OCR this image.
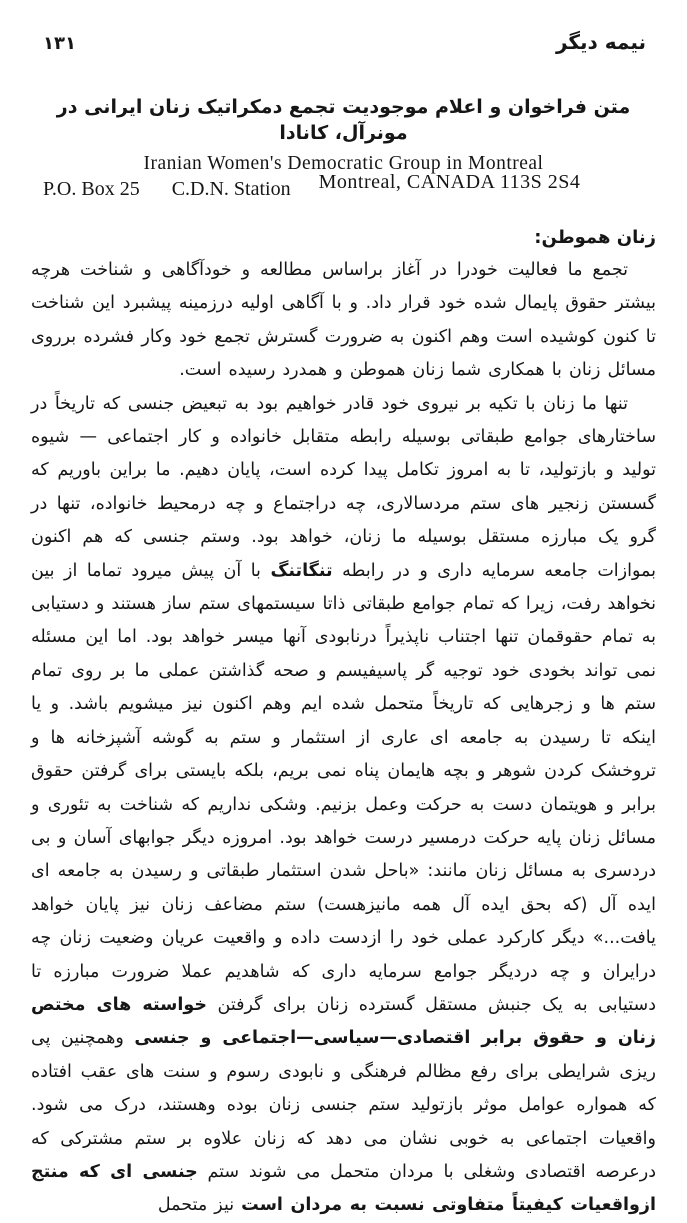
۱۳۱	نیمه دیگر
متن فراخوان و اعلام موجودیت تجمع دمکراتیک زنان ایرانی در مونرآل، کانادا
Iranian Women's Democratic Group in Montreal
P.O. Box 25 C.D.N. Station Montreal, CANADA 113S 2S4
زنان هموطن:

تجمع ما فعالیت خودرا در آغاز براساس مطالعه و خودآگاهی و شناخت هرچه بیشتر حقوق پایمال شده خود قرار داد. و با آگاهی اولیه درزمینه پیشبرد این شناخت تا کنون کوشیده است وهم اکنون به ضرورت گسترش تجمع خود وکار فشرده برروی مسائل زنان با همکاری شما زنان هموطن و همدرد رسیده است.

تنها ما زنان با تکیه بر نیروی خود قادر خواهیم بود به تبعیض جنسی که تاریخاً در ساختارهای جوامع طبقاتی بوسیله رابطه متقابل خانواده و کار اجتماعی — شیوه تولید و بازتولید، تا به امروز تکامل پیدا کرده است، پایان دهیم. ما براین باوریم که گسستن زنجیر های ستم مردسالاری، چه دراجتماع و چه درمحیط خانواده، تنها در گرو یک مبارزه مستقل بوسیله ما زنان، خواهد بود. وستم جنسی که هم اکنون بموازات جامعه سرمایه داری و در رابطه تنگاتنگ با آن پیش میرود تماما از بین نخواهد رفت، زیرا که تمام جوامع طبقاتی ذاتا سیستمهای ستم ساز هستند و دستیابی به تمام حقوقمان تنها اجتناب ناپذیراً درنابودی آنها میسر خواهد بود. اما این مسئله نمی تواند بخودی خود توجیه گر پاسیفیسم و صحه گذاشتن عملی ما بر روی تمام ستم ها و زجرهایی که تاریخاً متحمل شده ایم وهم اکنون نیز میشویم باشد. و یا اینکه تا رسیدن به جامعه ای عاری از استثمار و ستم به گوشه آشپزخانه ها و تروخشک کردن شوهر و بچه هایمان پناه نمی بریم، بلکه بایستی برای گرفتن حقوق برابر و هویتمان دست به حرکت وعمل بزنیم. وشکی نداریم که شناخت به تئوری و مسائل زنان پایه حرکت درمسیر درست خواهد بود. امروزه دیگر جوابهای آسان و بی دردسری به مسائل زنان مانند: «باحل شدن استثمار طبقاتی و رسیدن به جامعه ای ایده آل (که بحق ایده آل همه مانیزهست) ستم مضاعف زنان نیز پایان خواهد یافت...» دیگر کارکرد عملی خود را ازدست داده و واقعیت عریان وضعیت زنان چه درایران و چه دردیگر جوامع سرمایه داری که شاهدیم عملا ضرورت مبارزه تا دستیابی به یک جنبش مستقل گسترده زنان برای گرفتن خواسته های مختص زنان و حقوق برابر اقتصادی—سیاسی—اجتماعی و جنسی وهمچنین پی ریزی شرایطی برای رفع مظالم فرهنگی و نابودی رسوم و سنت های عقب افتاده که همواره عوامل موثر بازتولید ستم جنسی زنان بوده وهستند، درک می شود. واقعیات اجتماعی به خوبی نشان می دهد که زنان علاوه بر ستم مشترکی که درعرصه اقتصادی وشغلی با مردان متحمل می شوند ستم جنسی ای که منتج ازواقعیات کیفیتاً متفاوتی نسبت به مردان است نیز متحمل
